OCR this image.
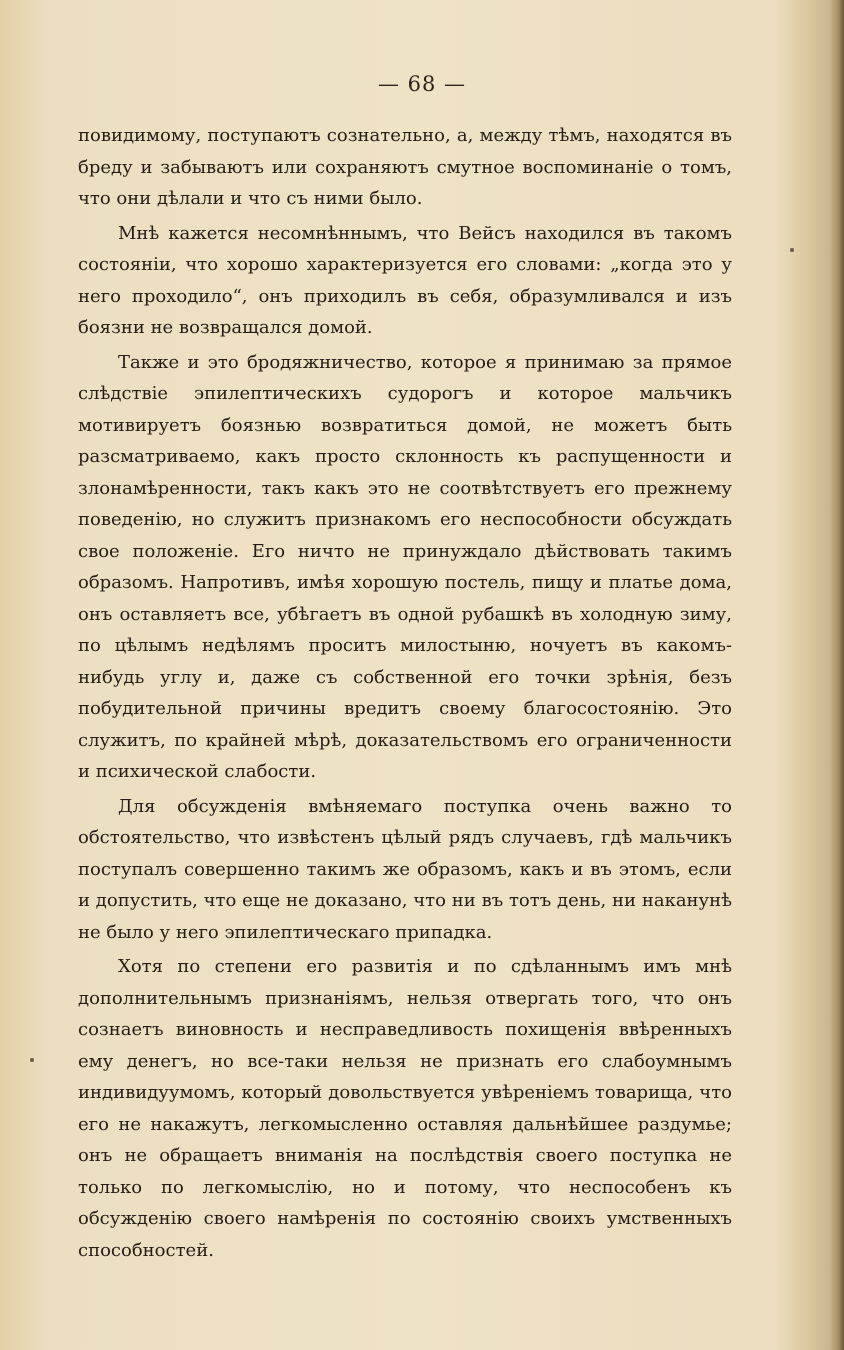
— 68 —

повидимому, поступаютъ сознательно, а, между тѣмъ, находятся въ бреду и забываютъ или сохраняютъ смутное воспоминаніе о томъ, что они дѣлали и что съ ними было.

Мнѣ кажется несомнѣннымъ, что Вейсъ находился въ такомъ состояніи, что хорошо характеризуется его словами: „когда это у него проходило“, онъ приходилъ въ себя, образумливался и изъ боязни не возвращался домой.

Также и это бродяжничество, которое я принимаю за прямое слѣдствіе эпилептическихъ судорогъ и которое мальчикъ мотивируетъ боязнью возвратиться домой, не можетъ быть разсматриваемо, какъ просто склонность къ распущенности и злонамѣренности, такъ какъ это не соотвѣтствуетъ его прежнему поведенію, но служитъ признакомъ его неспособности обсуждать свое положеніе. Его ничто не принуждало дѣйствовать такимъ образомъ. Напротивъ, имѣя хорошую постель, пищу и платье дома, онъ оставляетъ все, убѣгаетъ въ одной рубашкѣ въ холодную зиму, по цѣлымъ недѣлямъ проситъ милостыню, ночуетъ въ какомъ-нибудь углу и, даже съ собственной его точки зрѣнія, безъ побудительной причины вредитъ своему благосостоянію. Это служитъ, по крайней мѣрѣ, доказательствомъ его ограниченности и психической слабости.

Для обсужденія вмѣняемаго поступка очень важно то обстоятельство, что извѣстенъ цѣлый рядъ случаевъ, гдѣ мальчикъ поступалъ совершенно такимъ же образомъ, какъ и въ этомъ, если и допустить, что еще не доказано, что ни въ тотъ день, ни наканунѣ не было у него эпилептическаго припадка.

Хотя по степени его развитія и по сдѣланнымъ имъ мнѣ дополнительнымъ признаніямъ, нельзя отвергать того, что онъ сознаетъ виновность и несправедливость похищенія ввѣренныхъ ему денегъ, но все-таки нельзя не признать его слабоумнымъ индивидуумомъ, который довольствуется увѣреніемъ товарища, что его не накажутъ, легкомысленно оставляя дальнѣйшее раздумье; онъ не обращаетъ вниманія на послѣдствія своего поступка не только по легкомыслію, но и потому, что неспособенъ къ обсужденію своего намѣренія по состоянію своихъ умственныхъ способностей.
